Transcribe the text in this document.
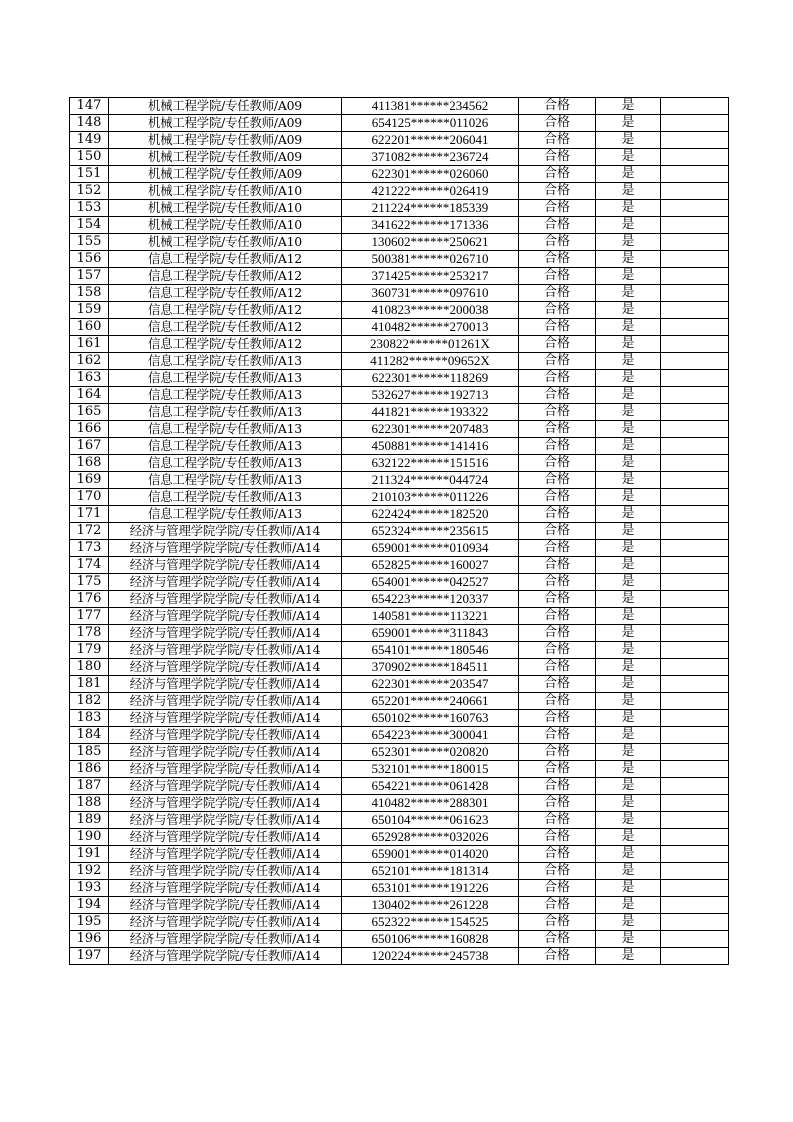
147	机械工程学院/专任教师/A09	411381******234562	合格	是	
148	机械工程学院/专任教师/A09	654125******011026	合格	是	
149	机械工程学院/专任教师/A09	622201******206041	合格	是	
150	机械工程学院/专任教师/A09	371082******236724	合格	是	
151	机械工程学院/专任教师/A09	622301******026060	合格	是	
152	机械工程学院/专任教师/A10	421222******026419	合格	是	
153	机械工程学院/专任教师/A10	211224******185339	合格	是	
154	机械工程学院/专任教师/A10	341622******171336	合格	是	
155	机械工程学院/专任教师/A10	130602******250621	合格	是	
156	信息工程学院/专任教师/A12	500381******026710	合格	是	
157	信息工程学院/专任教师/A12	371425******253217	合格	是	
158	信息工程学院/专任教师/A12	360731******097610	合格	是	
159	信息工程学院/专任教师/A12	410823******200038	合格	是	
160	信息工程学院/专任教师/A12	410482******270013	合格	是	
161	信息工程学院/专任教师/A12	230822******01261X	合格	是	
162	信息工程学院/专任教师/A13	411282******09652X	合格	是	
163	信息工程学院/专任教师/A13	622301******118269	合格	是	
164	信息工程学院/专任教师/A13	532627******192713	合格	是	
165	信息工程学院/专任教师/A13	441821******193322	合格	是	
166	信息工程学院/专任教师/A13	622301******207483	合格	是	
167	信息工程学院/专任教师/A13	450881******141416	合格	是	
168	信息工程学院/专任教师/A13	632122******151516	合格	是	
169	信息工程学院/专任教师/A13	211324******044724	合格	是	
170	信息工程学院/专任教师/A13	210103******011226	合格	是	
171	信息工程学院/专任教师/A13	622424******182520	合格	是	
172	经济与管理学院学院/专任教师/A14	652324******235615	合格	是	
173	经济与管理学院学院/专任教师/A14	659001******010934	合格	是	
174	经济与管理学院学院/专任教师/A14	652825******160027	合格	是	
175	经济与管理学院学院/专任教师/A14	654001******042527	合格	是	
176	经济与管理学院学院/专任教师/A14	654223******120337	合格	是	
177	经济与管理学院学院/专任教师/A14	140581******113221	合格	是	
178	经济与管理学院学院/专任教师/A14	659001******311843	合格	是	
179	经济与管理学院学院/专任教师/A14	654101******180546	合格	是	
180	经济与管理学院学院/专任教师/A14	370902******184511	合格	是	
181	经济与管理学院学院/专任教师/A14	622301******203547	合格	是	
182	经济与管理学院学院/专任教师/A14	652201******240661	合格	是	
183	经济与管理学院学院/专任教师/A14	650102******160763	合格	是	
184	经济与管理学院学院/专任教师/A14	654223******300041	合格	是	
185	经济与管理学院学院/专任教师/A14	652301******020820	合格	是	
186	经济与管理学院学院/专任教师/A14	532101******180015	合格	是	
187	经济与管理学院学院/专任教师/A14	654221******061428	合格	是	
188	经济与管理学院学院/专任教师/A14	410482******288301	合格	是	
189	经济与管理学院学院/专任教师/A14	650104******061623	合格	是	
190	经济与管理学院学院/专任教师/A14	652928******032026	合格	是	
191	经济与管理学院学院/专任教师/A14	659001******014020	合格	是	
192	经济与管理学院学院/专任教师/A14	652101******181314	合格	是	
193	经济与管理学院学院/专任教师/A14	653101******191226	合格	是	
194	经济与管理学院学院/专任教师/A14	130402******261228	合格	是	
195	经济与管理学院学院/专任教师/A14	652322******154525	合格	是	
196	经济与管理学院学院/专任教师/A14	650106******160828	合格	是	
197	经济与管理学院学院/专任教师/A14	120224******245738	合格	是	
